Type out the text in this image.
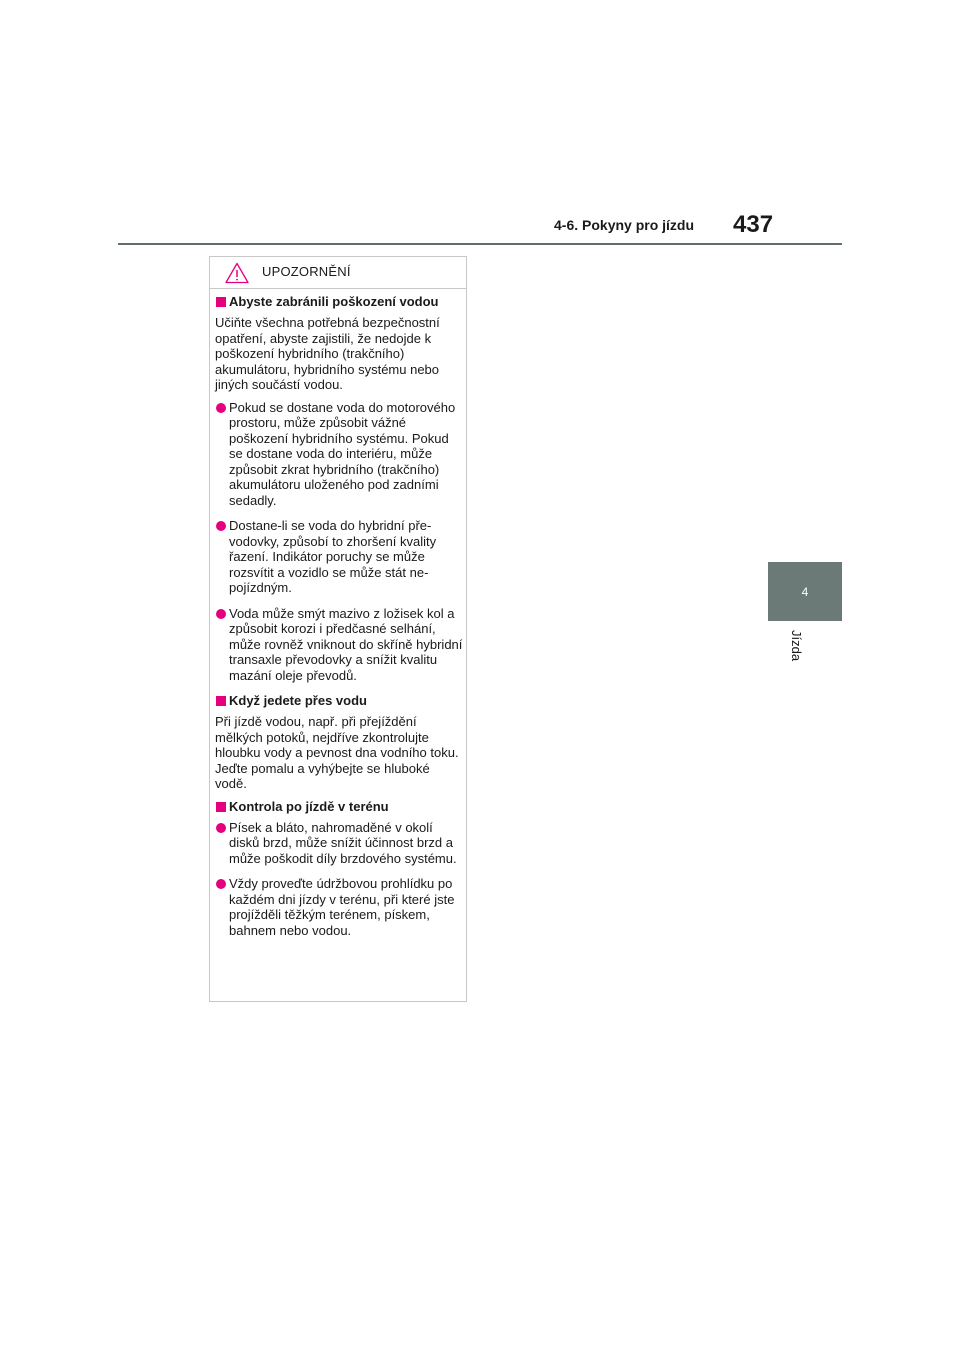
4-6. Pokyny pro jízdu 437
4
Jízda
UPOZORNĚNÍ
Abyste zabránili poškození vodou
Učiňte všechna potřebná bezpečnostní opatření, abyste zajistili, že nedojde k poškození hybridního (trakčního) akumulátoru, hybridního systému nebo jiných součástí vodou.
Pokud se dostane voda do motorového prostoru, může způsobit vážné poškození hybridního systému. Pokud se dostane voda do interiéru, může způsobit zkrat hybridního (trakčního) akumulátoru uloženého pod zadními sedadly.
Dostane-li se voda do hybridní převodovky, způsobí to zhoršení kvality řazení. Indikátor poruchy se může rozsvítit a vozidlo se může stát nepojízdným.
Voda může smýt mazivo z ložisek kol a způsobit korozi i předčasné selhání, může rovněž vniknout do skříně hybridní transaxle převodovky a snížit kvalitu mazání oleje převodů.
Když jedete přes vodu
Při jízdě vodou, např. při přejíždění mělkých potoků, nejdříve zkontrolujte hloubku vody a pevnost dna vodního toku. Jeďte pomalu a vyhýbejte se hluboké vodě.
Kontrola po jízdě v terénu
Písek a bláto, nahromaděné v okolí disků brzd, může snížit účinnost brzd a může poškodit díly brzdového systému.
Vždy proveďte údržbovou prohlídku po každém dni jízdy v terénu, při které jste projížděli těžkým terénem, pískem, bahnem nebo vodou.
